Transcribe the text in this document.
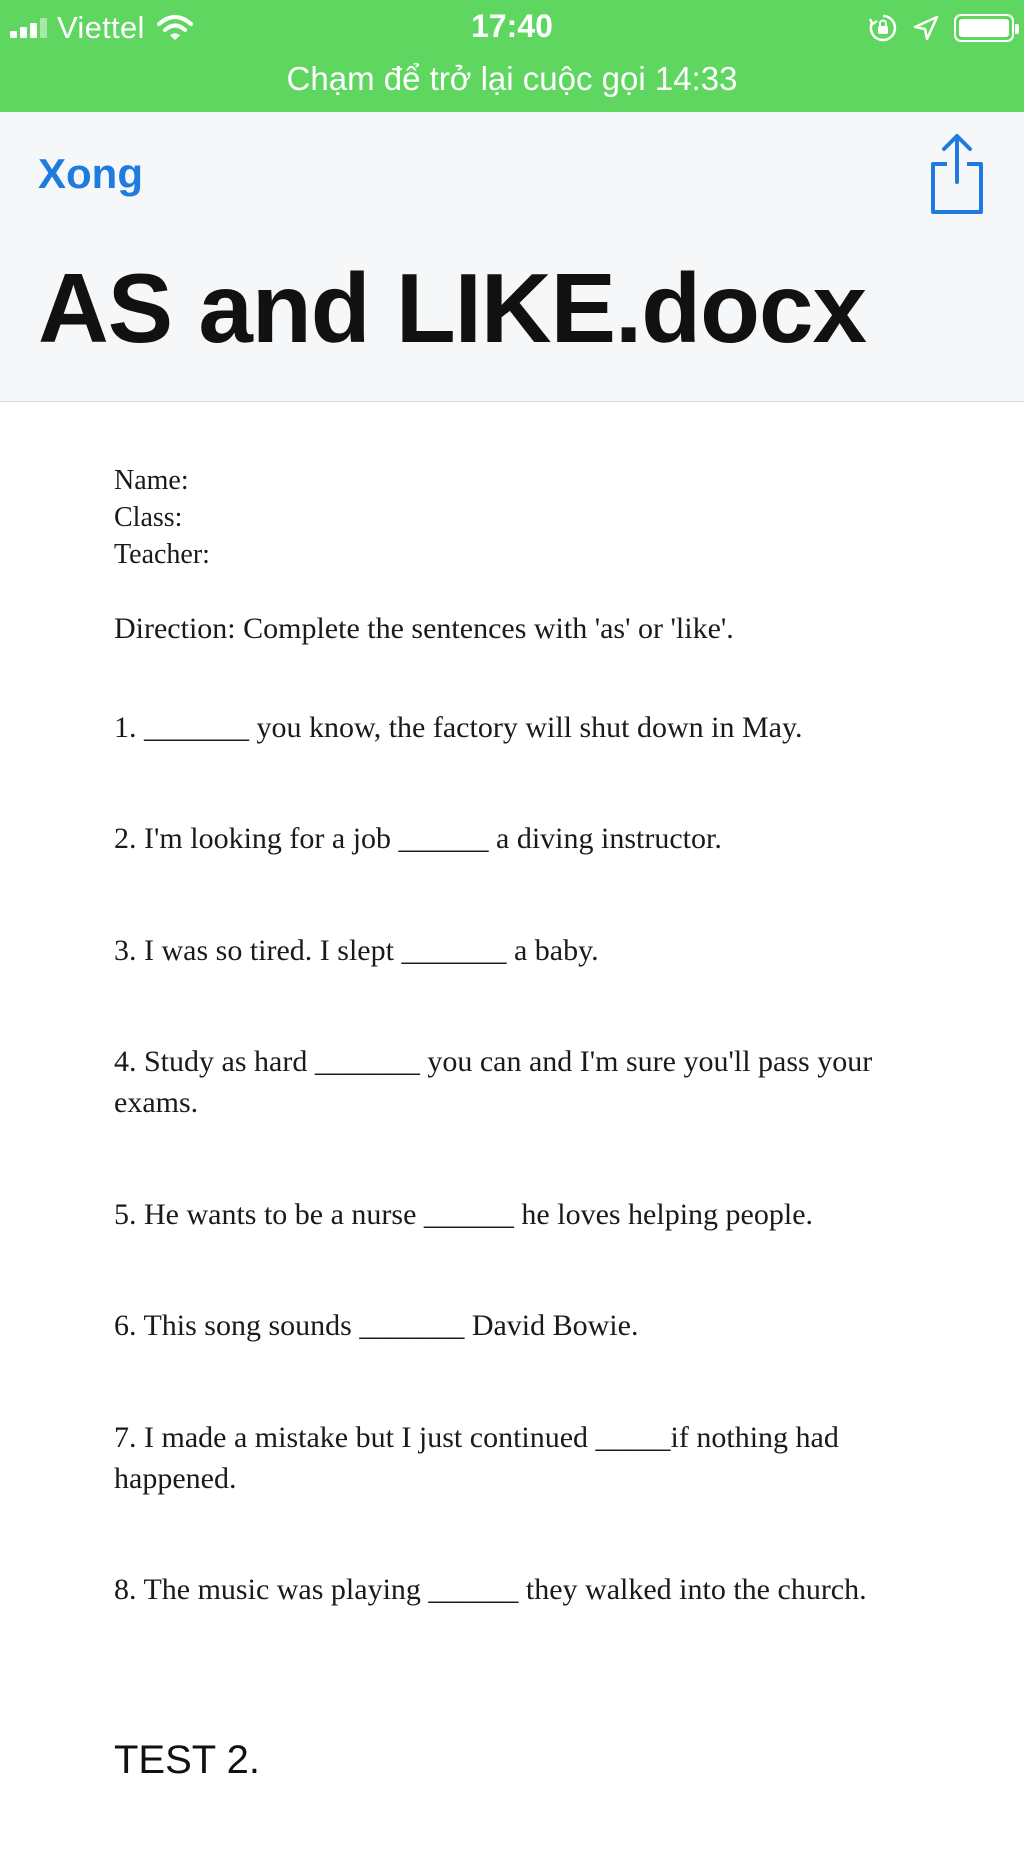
Viettel	17:40
Chạm để trở lại cuộc gọi 14:33
Xong
AS and LIKE.docx
Name:
Class:
Teacher:
Direction: Complete the sentences with 'as' or 'like'.
1. _______ you know, the factory will shut down in May.
2. I'm looking for a job ______ a diving instructor.
3. I was so tired. I slept _______ a baby.
4. Study as hard _______ you can and I'm sure you'll pass your exams.
5. He wants to be a nurse ______ he loves helping people.
6. This song sounds _______ David Bowie.
7. I made a mistake but I just continued _____if nothing had happened.
8. The music was playing ______ they walked into the church.
TEST 2.
